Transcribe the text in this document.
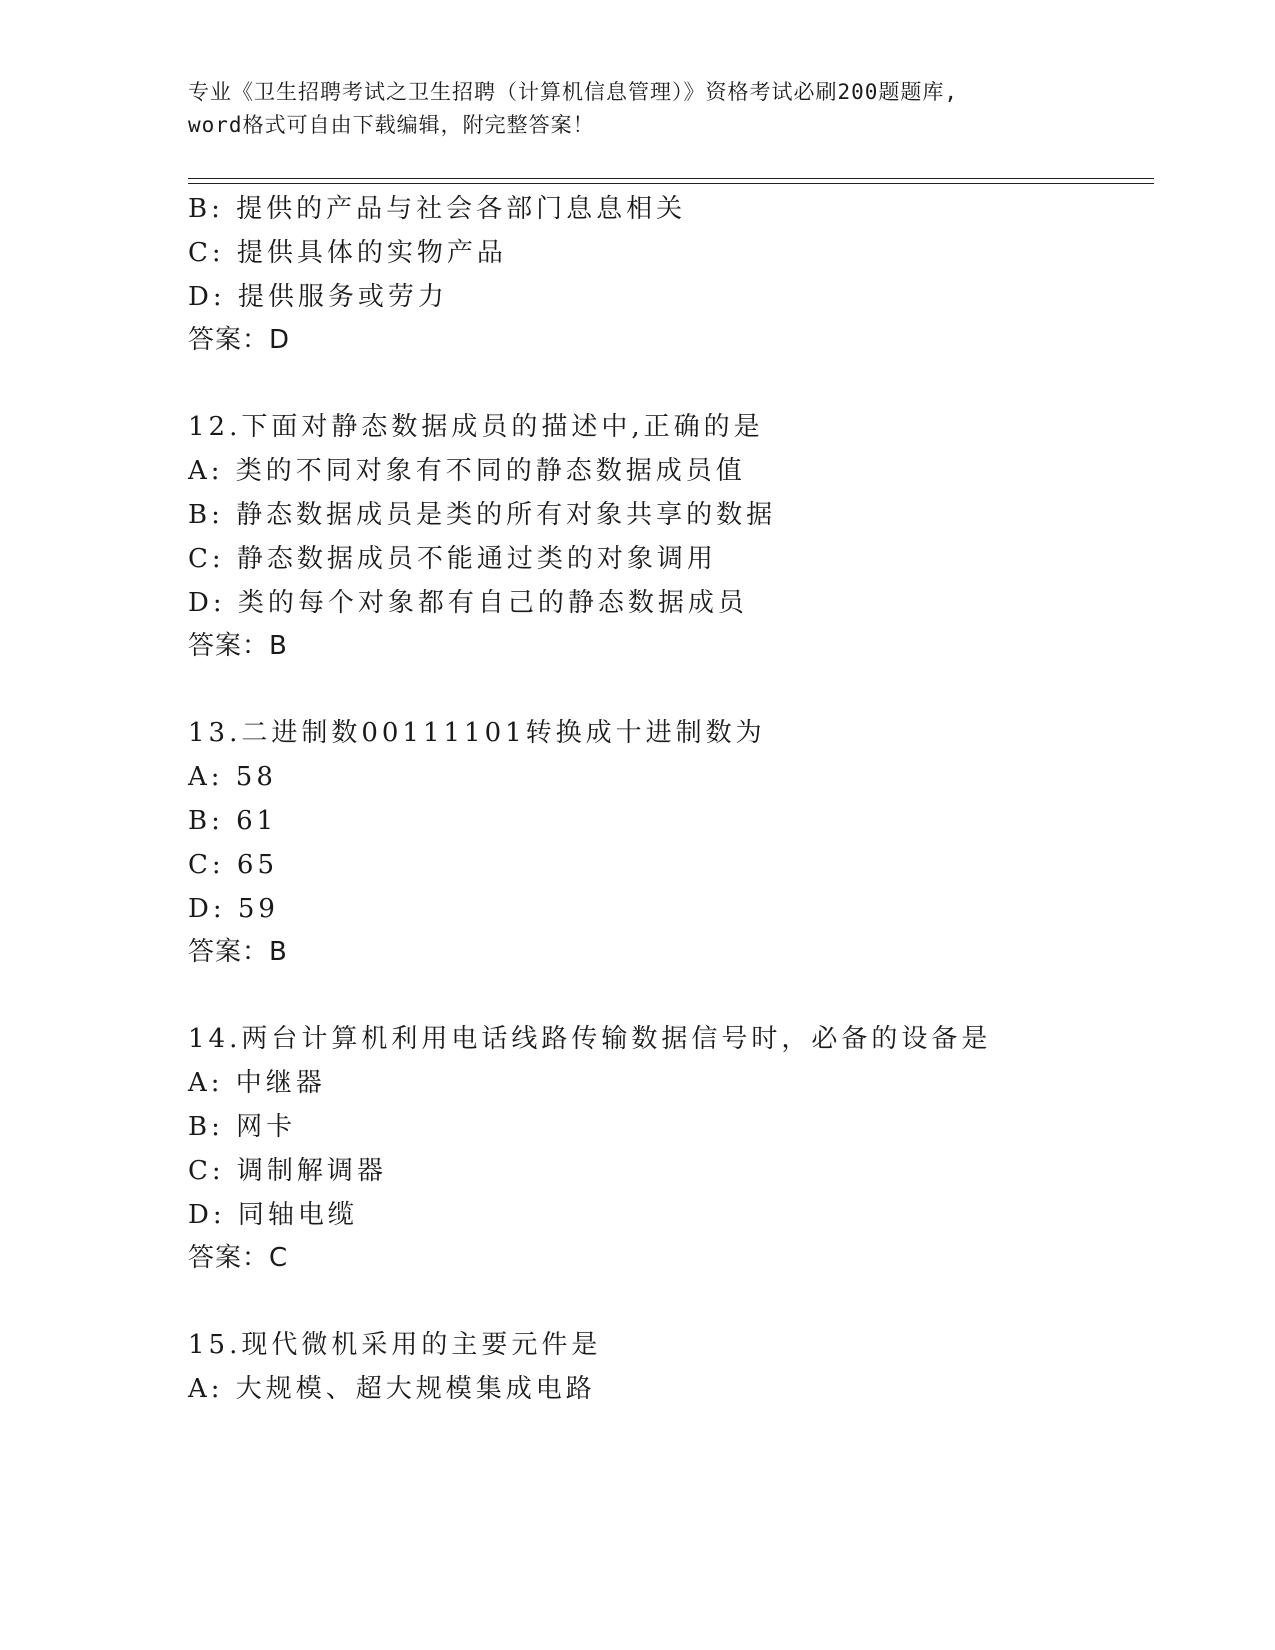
专业《卫生招聘考试之卫生招聘（计算机信息管理）》资格考试必刷200题题库,
word格式可自由下载编辑，附完整答案！
B: 提供的产品与社会各部门息息相关
C: 提供具体的实物产品
D: 提供服务或劳力
答案：D
12.下面对静态数据成员的描述中,正确的是
A: 类的不同对象有不同的静态数据成员值
B: 静态数据成员是类的所有对象共享的数据
C: 静态数据成员不能通过类的对象调用
D: 类的每个对象都有自己的静态数据成员
答案：B
13.二进制数00111101转换成十进制数为
A: 58
B: 61
C: 65
D: 59
答案：B
14.两台计算机利用电话线路传输数据信号时，必备的设备是
A: 中继器
B: 网卡
C: 调制解调器
D: 同轴电缆
答案：C
15.现代微机采用的主要元件是
A: 大规模、超大规模集成电路
